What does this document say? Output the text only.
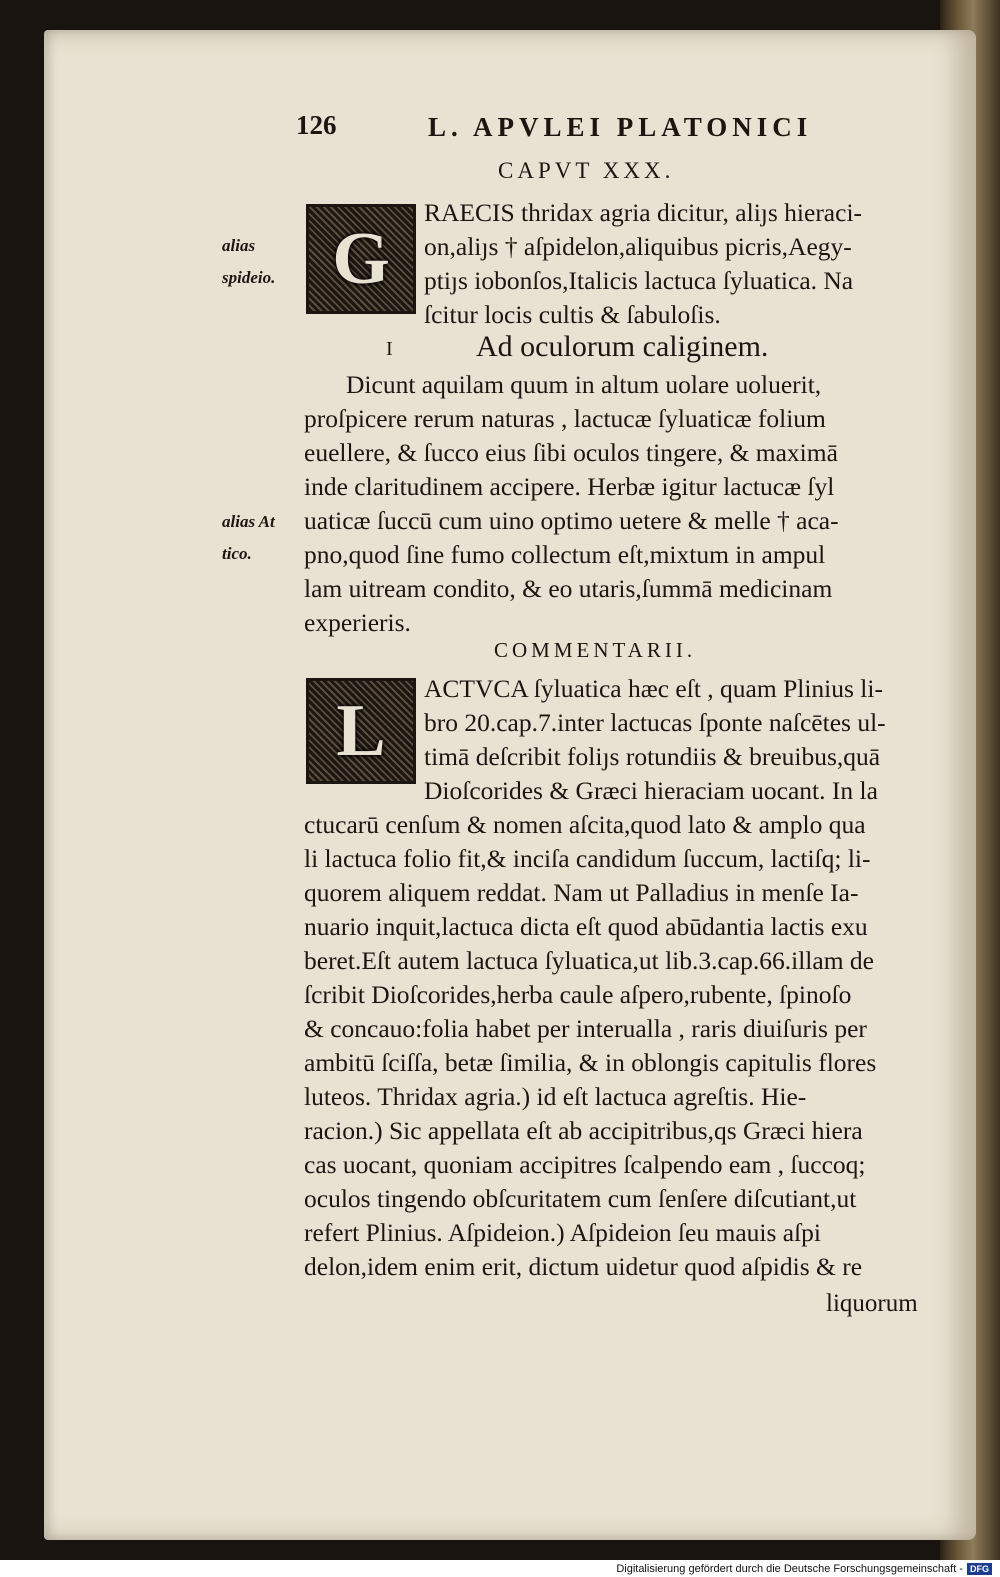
126	L. APVLEI PLATONICI
CAPVT XXX.
G
alias
spideio.
RAECIS thridax agria dicitur, aliȷs hieraci-
on,aliȷs † aſpidelon,aliquibus picris,Aegy-
ptiȷs iobonſos,Italicis lactuca ſyluatica. Na
ſcitur locis cultis & ſabuloſis.
I	Ad oculorum caliginem.
Dicunt aquilam quum in altum uolare uoluerit,
proſpicere rerum naturas , lactucæ ſyluaticæ folium
euellere, & ſucco eius ſibi oculos tingere, & maximā
inde claritudinem accipere. Herbæ igitur lactucæ ſyl
uaticæ ſuccū cum uino optimo uetere & melle † aca-
pno,quod ſine fumo collectum eſt,mixtum in ampul
lam uitream condito, & eo utaris,ſummā medicinam
experieris.
alias At
tico.
COMMENTARII.
L
ACTVCA ſyluatica hæc eſt , quam Plinius li-
bro 20.cap.7.inter lactucas ſponte naſcētes ul-
timā deſcribit foliȷs rotundiis & breuibus,quā
Dioſcorides & Græci hieraciam uocant. In la
ctucarū cenſum & nomen aſcita,quod lato & amplo qua
li lactuca folio fit,& inciſa candidum ſuccum, lactiſq; li-
quorem aliquem reddat. Nam ut Palladius in menſe Ia-
nuario inquit,lactuca dicta eſt quod abūdantia lactis exu
beret.Eſt autem lactuca ſyluatica,ut lib.3.cap.66.illam de
ſcribit Dioſcorides,herba caule aſpero,rubente, ſpinoſo
& concauo:folia habet per interualla , raris diuiſuris per
ambitū ſciſſa, betæ ſimilia, & in oblongis capitulis flores
luteos. Thridax agria.) id eſt lactuca agreſtis. Hie-
racion.) Sic appellata eſt ab accipitribus,qs Græci hiera
cas uocant, quoniam accipitres ſcalpendo eam , ſuccoq;
oculos tingendo obſcuritatem cum ſenſere diſcutiant,ut
refert Plinius. Aſpideion.) Aſpideion ſeu mauis aſpi
delon,idem enim erit, dictum uidetur quod aſpidis & re
liquorum
Digitalisierung gefördert durch die Deutsche Forschungsgemeinschaft - DFG
